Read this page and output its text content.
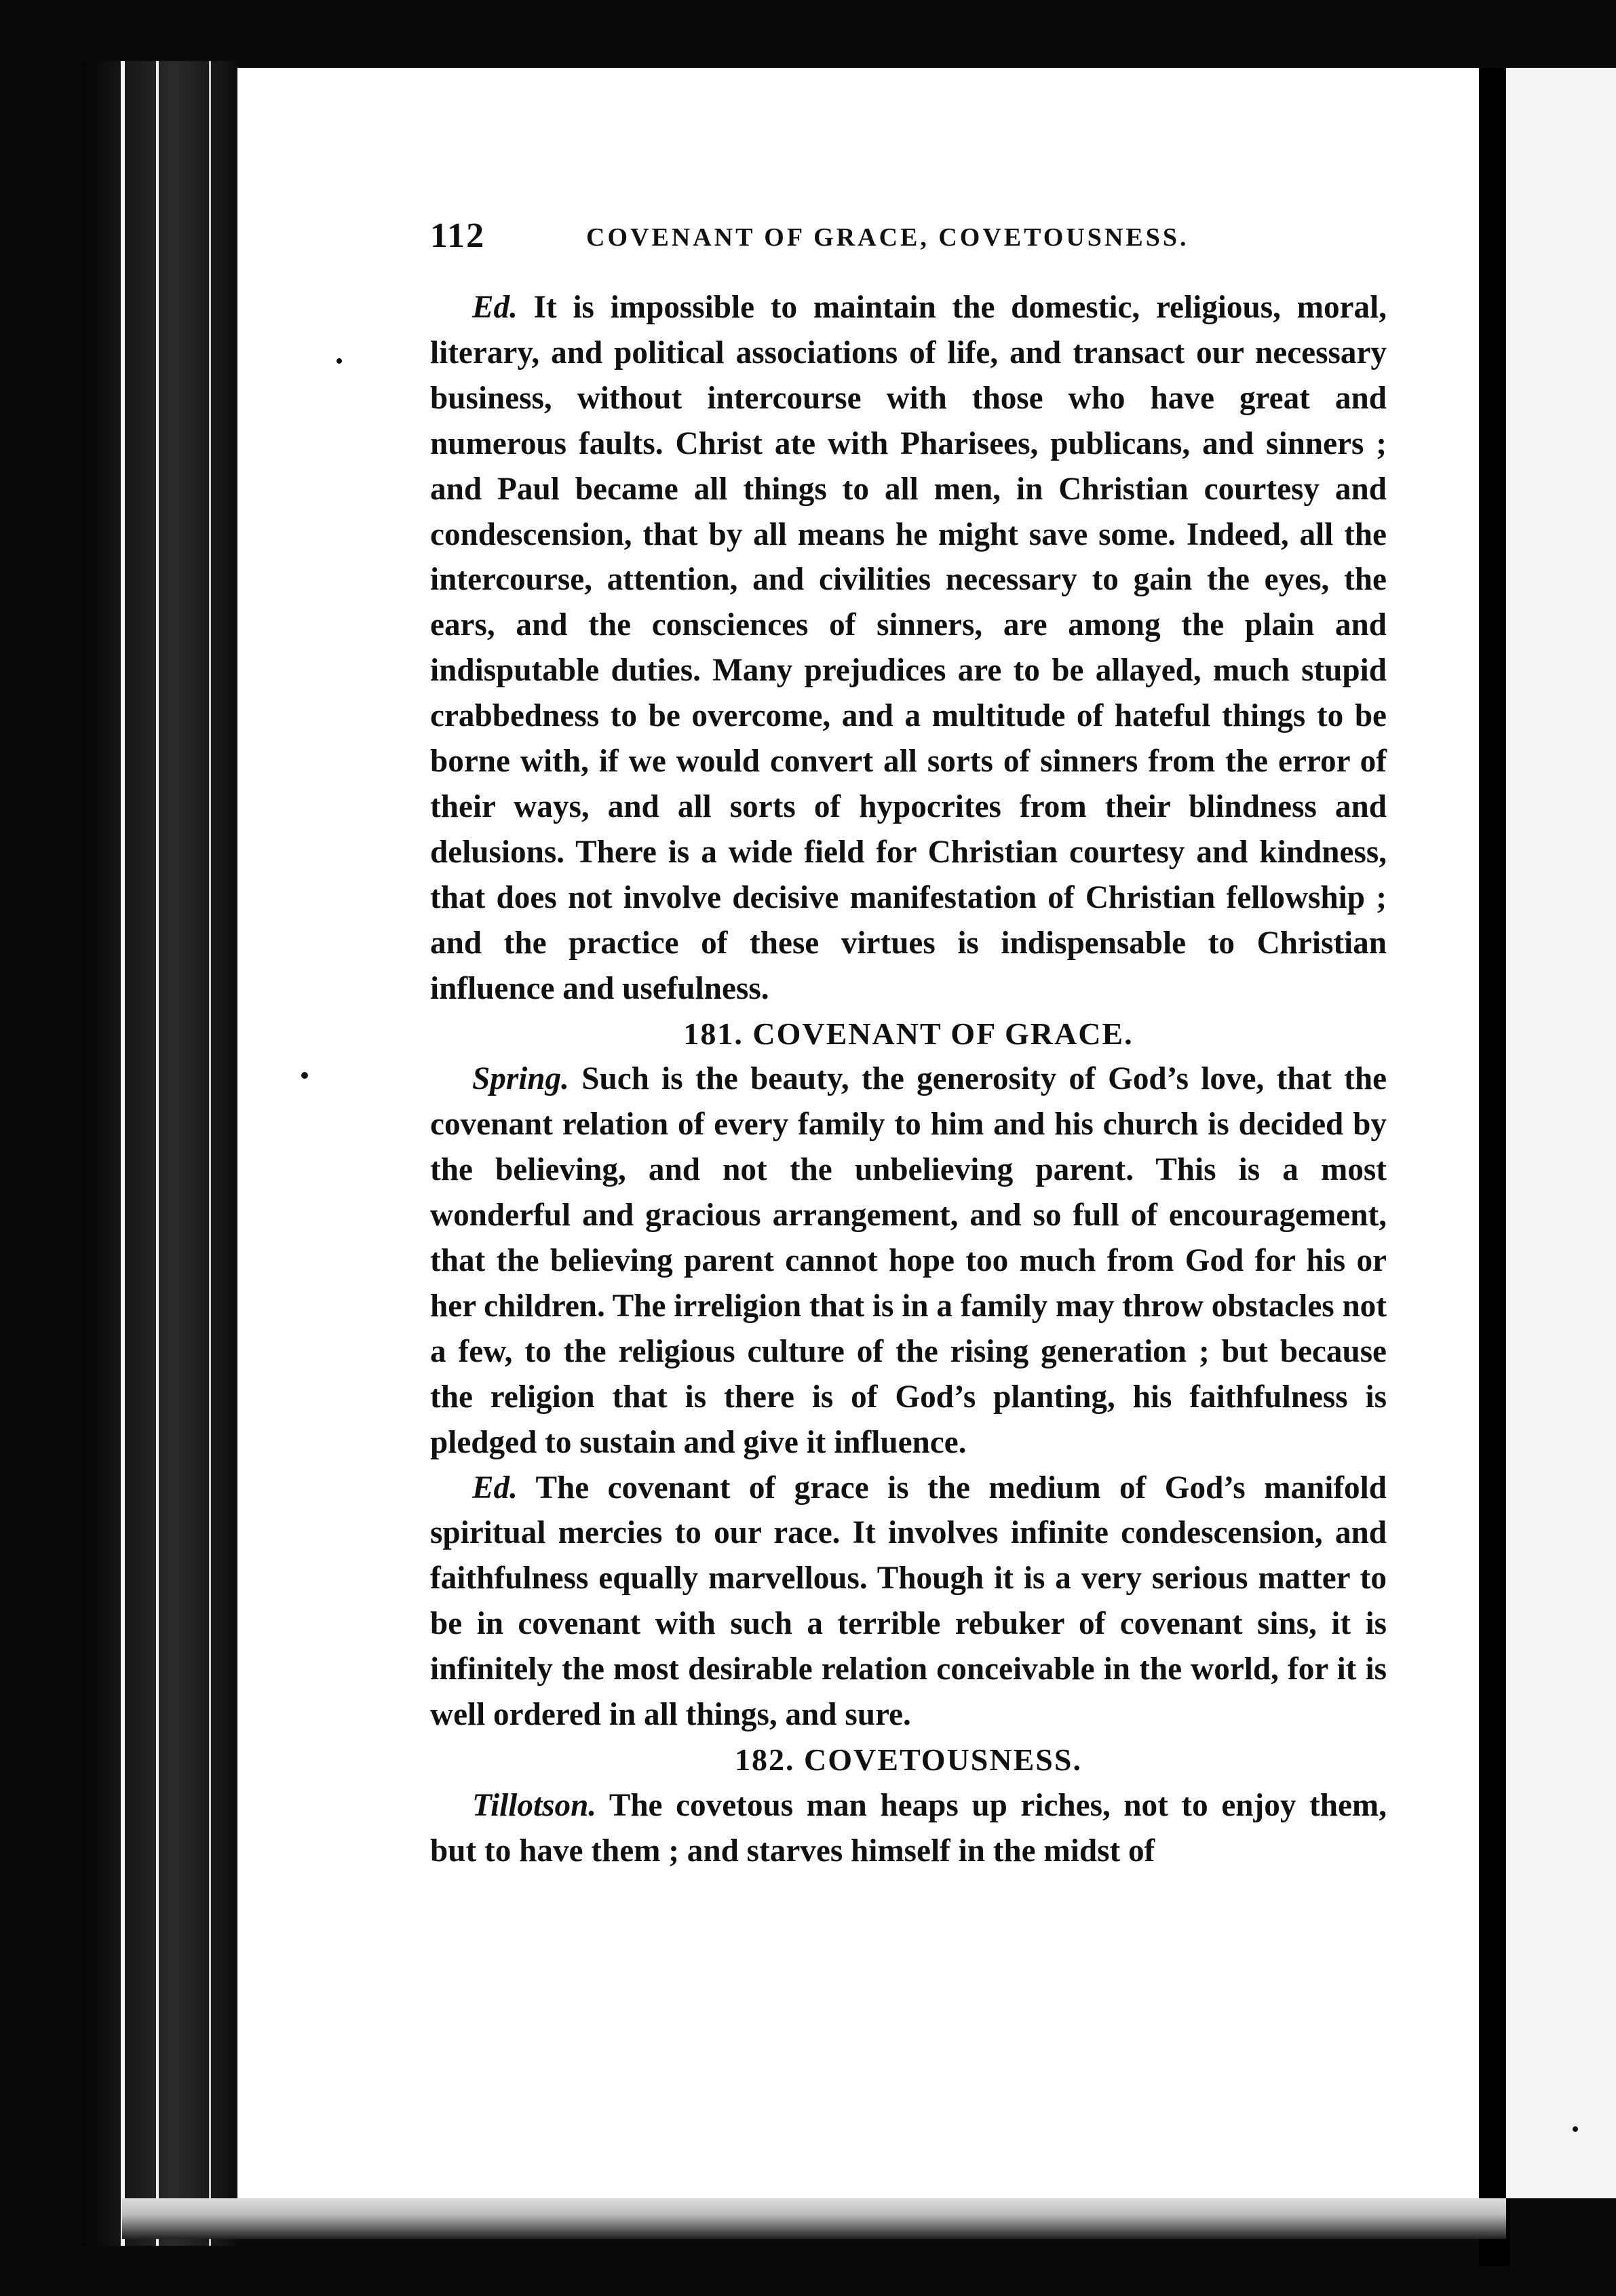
112	COVENANT OF GRACE, COVETOUSNESS.

Ed. It is impossible to maintain the domestic, religious, moral, literary, and political associations of life, and transact our necessary business, without intercourse with those who have great and numerous faults. Christ ate with Pharisees, publicans, and sinners ; and Paul became all things to all men, in Christian courtesy and condescension, that by all means he might save some. Indeed, all the intercourse, attention, and civilities necessary to gain the eyes, the ears, and the consciences of sinners, are among the plain and indisputable duties. Many prejudices are to be allayed, much stupid crabbedness to be overcome, and a multitude of hateful things to be borne with, if we would convert all sorts of sinners from the error of their ways, and all sorts of hypocrites from their blindness and delusions. There is a wide field for Christian courtesy and kindness, that does not involve decisive manifestation of Christian fellowship ; and the practice of these virtues is indispensable to Christian influence and usefulness.

181. COVENANT OF GRACE.

Spring. Such is the beauty, the generosity of God’s love, that the covenant relation of every family to him and his church is decided by the believing, and not the unbelieving parent. This is a most wonderful and gracious arrangement, and so full of encouragement, that the believing parent cannot hope too much from God for his or her children. The irreligion that is in a family may throw obstacles not a few, to the religious culture of the rising generation ; but because the religion that is there is of God’s planting, his faithfulness is pledged to sustain and give it influence.

Ed. The covenant of grace is the medium of God’s manifold spiritual mercies to our race. It involves infinite condescension, and faithfulness equally marvellous. Though it is a very serious matter to be in covenant with such a terrible rebuker of covenant sins, it is infinitely the most desirable relation conceivable in the world, for it is well ordered in all things, and sure.

182. COVETOUSNESS.

Tillotson. The covetous man heaps up riches, not to enjoy them, but to have them ; and starves himself in the midst of
